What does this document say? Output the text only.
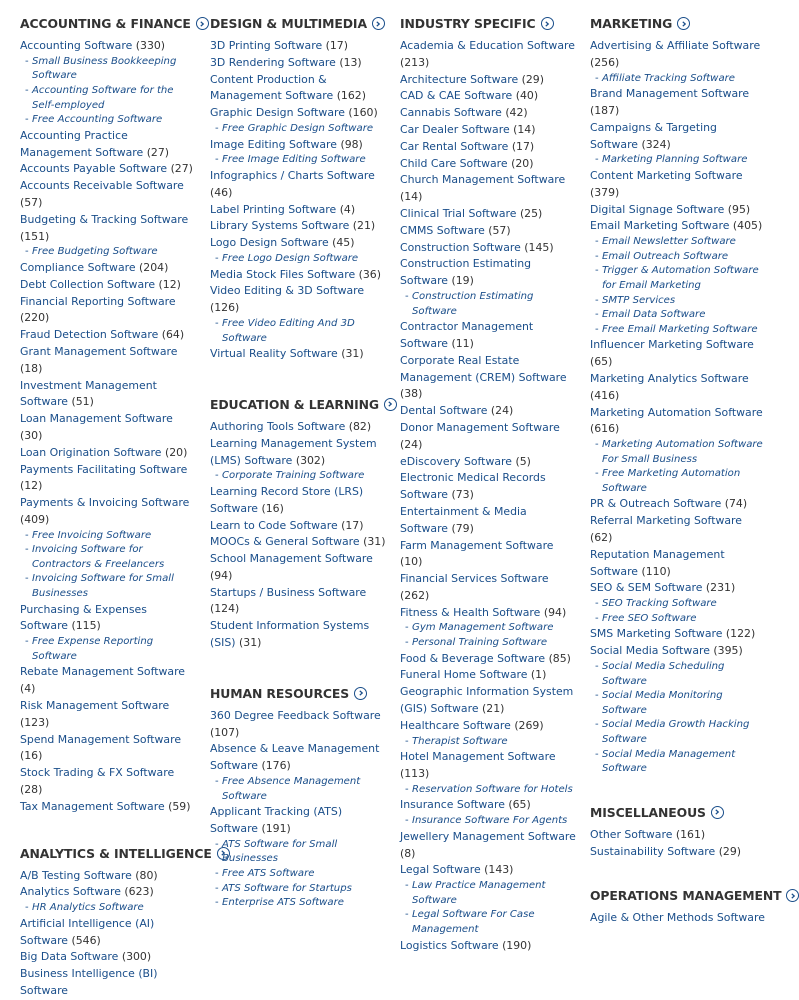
ACCOUNTING & FINANCE
Accounting Software (330)
- Small Business Bookkeeping Software
- Accounting Software for the Self-employed
- Free Accounting Software
Accounting Practice Management Software (27)
Accounts Payable Software (27)
Accounts Receivable Software (57)
Budgeting & Tracking Software (151)
- Free Budgeting Software
Compliance Software (204)
Debt Collection Software (12)
Financial Reporting Software (220)
Fraud Detection Software (64)
Grant Management Software (18)
Investment Management Software (51)
Loan Management Software (30)
Loan Origination Software (20)
Payments Facilitating Software (12)
Payments & Invoicing Software (409)
- Free Invoicing Software
- Invoicing Software for Contractors & Freelancers
- Invoicing Software for Small Businesses
Purchasing & Expenses Software (115)
- Free Expense Reporting Software
Rebate Management Software (4)
Risk Management Software (123)
Spend Management Software (16)
Stock Trading & FX Software (28)
Tax Management Software (59)
ANALYTICS & INTELLIGENCE
A/B Testing Software (80)
Analytics Software (623)
- HR Analytics Software
Artificial Intelligence (AI) Software (546)
Big Data Software (300)
Business Intelligence (BI) Software
DESIGN & MULTIMEDIA
3D Printing Software (17)
3D Rendering Software (13)
Content Production & Management Software (162)
Graphic Design Software (160)
- Free Graphic Design Software
Image Editing Software (98)
- Free Image Editing Software
Infographics / Charts Software (46)
Label Printing Software (4)
Library Systems Software (21)
Logo Design Software (45)
- Free Logo Design Software
Media Stock Files Software (36)
Video Editing & 3D Software (126)
- Free Video Editing And 3D Software
Virtual Reality Software (31)
EDUCATION & LEARNING
Authoring Tools Software (82)
Learning Management System (LMS) Software (302)
- Corporate Training Software
Learning Record Store (LRS) Software (16)
Learn to Code Software (17)
MOOCs & General Software (31)
School Management Software (94)
Startups / Business Software (124)
Student Information Systems (SIS) (31)
HUMAN RESOURCES
360 Degree Feedback Software (107)
Absence & Leave Management Software (176)
- Free Absence Management Software
Applicant Tracking (ATS) Software (191)
- ATS Software for Small Businesses
- Free ATS Software
- ATS Software for Startups
- Enterprise ATS Software
INDUSTRY SPECIFIC
Academia & Education Software (213)
Architecture Software (29)
CAD & CAE Software (40)
Cannabis Software (42)
Car Dealer Software (14)
Car Rental Software (17)
Child Care Software (20)
Church Management Software (14)
Clinical Trial Software (25)
CMMS Software (57)
Construction Software (145)
Construction Estimating Software (19)
- Construction Estimating Software
Contractor Management Software (11)
Corporate Real Estate Management (CREM) Software (38)
Dental Software (24)
Donor Management Software (24)
eDiscovery Software (5)
Electronic Medical Records Software (73)
Entertainment & Media Software (79)
Farm Management Software (10)
Financial Services Software (262)
Fitness & Health Software (94)
- Gym Management Software
- Personal Training Software
Food & Beverage Software (85)
Funeral Home Software (1)
Geographic Information System (GIS) Software (21)
Healthcare Software (269)
- Therapist Software
Hotel Management Software (113)
- Reservation Software for Hotels
Insurance Software (65)
- Insurance Software For Agents
Jewellery Management Software (8)
Legal Software (143)
- Law Practice Management Software
- Legal Software For Case Management
Logistics Software (190)
MARKETING
Advertising & Affiliate Software (256)
- Affiliate Tracking Software
Brand Management Software (187)
Campaigns & Targeting Software (324)
- Marketing Planning Software
Content Marketing Software (379)
Digital Signage Software (95)
Email Marketing Software (405)
- Email Newsletter Software
- Email Outreach Software
- Trigger & Automation Software for Email Marketing
- SMTP Services
- Email Data Software
- Free Email Marketing Software
Influencer Marketing Software (65)
Marketing Analytics Software (416)
Marketing Automation Software (616)
- Marketing Automation Software For Small Business
- Free Marketing Automation Software
PR & Outreach Software (74)
Referral Marketing Software (62)
Reputation Management Software (110)
SEO & SEM Software (231)
- SEO Tracking Software
- Free SEO Software
SMS Marketing Software (122)
Social Media Software (395)
- Social Media Scheduling Software
- Social Media Monitoring Software
- Social Media Growth Hacking Software
- Social Media Management Software
MISCELLANEOUS
Other Software (161)
Sustainability Software (29)
OPERATIONS MANAGEMENT
Agile & Other Methods Software
